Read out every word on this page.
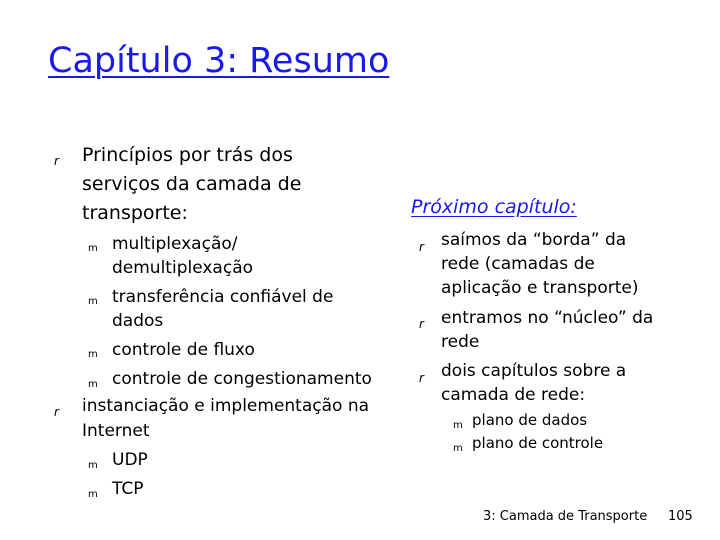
Capítulo 3: Resumo
r Princípios por trás dos
serviços da camada de
transporte:
m multiplexação/
demultiplexação
m transferência confiável de
dados
m controle de fluxo
m controle de congestionamento
r instanciação e implementação na
Internet
m UDP
m TCP
Próximo capítulo:
r saímos da “borda” da
rede (camadas de
aplicação e transporte)
r entramos no “núcleo” da
rede
r dois capítulos sobre a
camada de rede:
m plano de dados
m plano de controle
3: Camada de Transporte 105
